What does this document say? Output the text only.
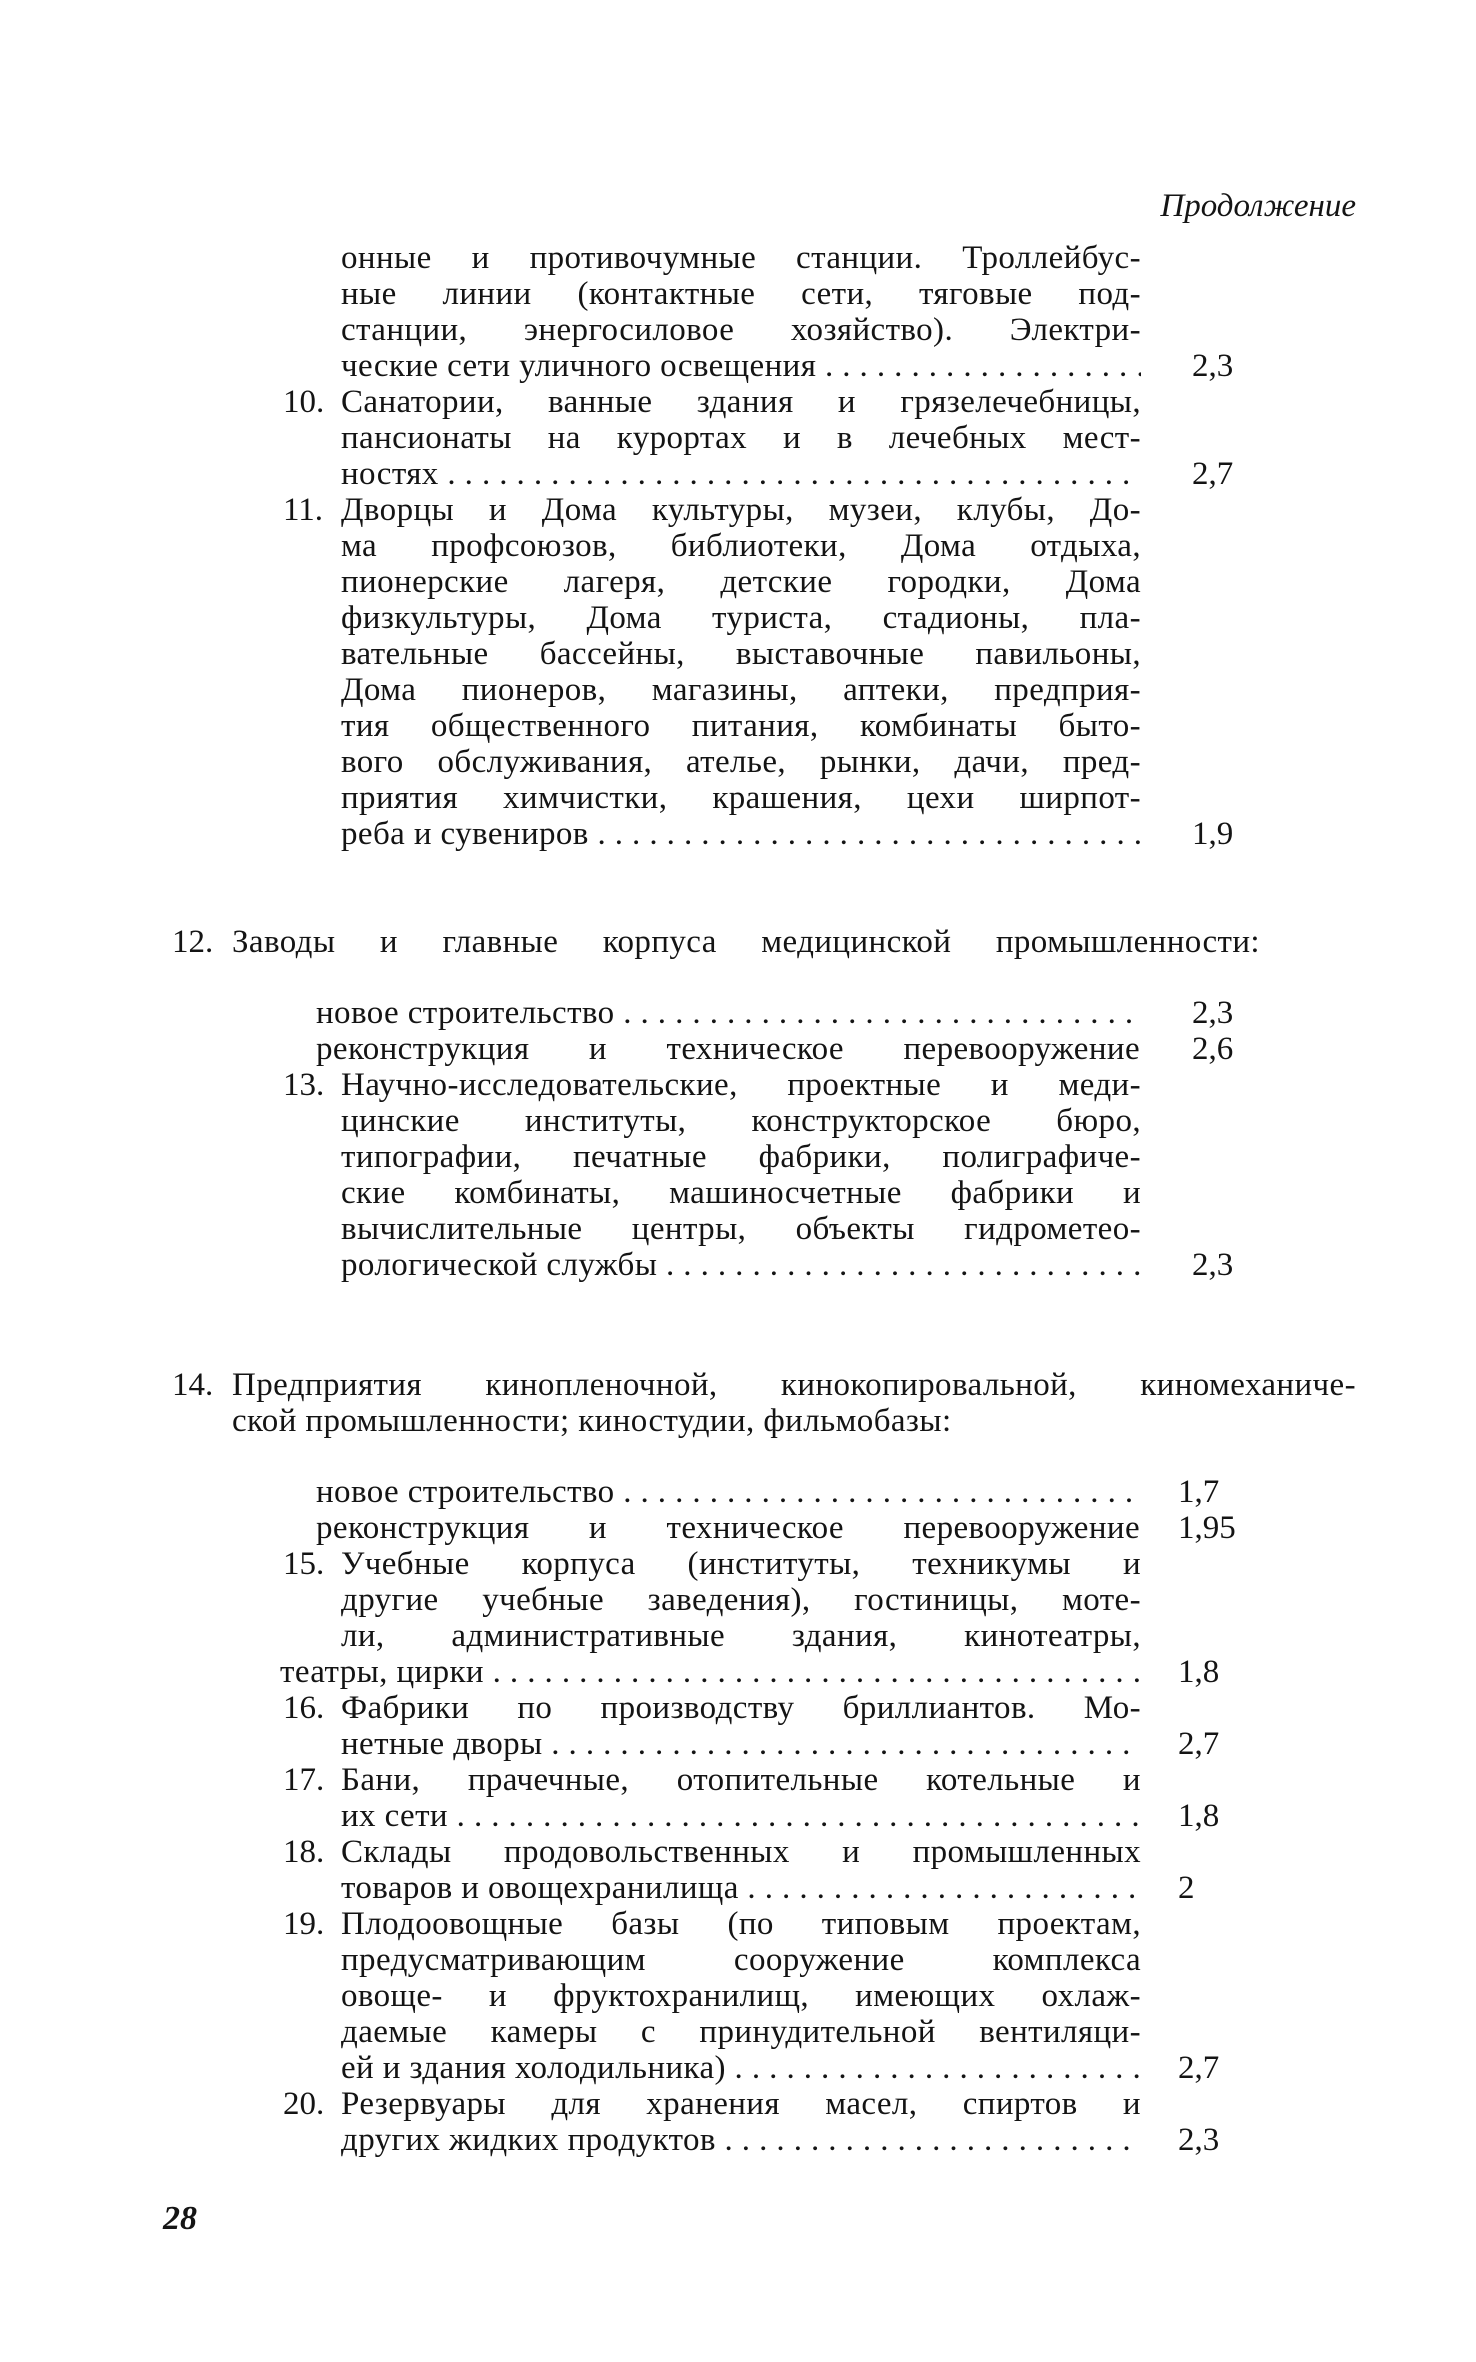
Продолжение
онные и противочумные станции. Троллейбус-
ные линии (контактные сети, тяговые под-
станции, энергосиловое хозяйство). Электри-
ческие сети уличного освещения . . .	2,3
10. Санатории, ванные здания и грязелечебницы,
пансионаты на курортах и в лечебных мест-
ностях . . .	2,7
11. Дворцы и Дома культуры, музеи, клубы, До-
ма профсоюзов, библиотеки, Дома отдыха,
пионерские лагеря, детские городки, Дома
физкультуры, Дома туриста, стадионы, пла-
вательные бассейны, выставочные павильоны,
Дома пионеров, магазины, аптеки, предприя-
тия общественного питания, комбинаты быто-
вого обслуживания, ателье, рынки, дачи, пред-
приятия химчистки, крашения, цехи ширпот-
реба и сувениров . . .	1,9
12. Заводы и главные корпуса медицинской промышленности:
новое строительство . . .	2,3
реконструкция и техническое перевооружение 2,6
13. Научно-исследовательские, проектные и меди-
цинские институты, конструкторское бюро,
типографии, печатные фабрики, полиграфиче-
ские комбинаты, машиносчетные фабрики и
вычислительные центры, объекты гидрометео-
рологической службы . . .	2,3
14. Предприятия кинопленочной, кинокопировальной, киномеханиче-
ской промышленности; киностудии, фильмобазы:
новое строительство . . .	1,7
реконструкция и техническое перевооружение 1,95
15. Учебные корпуса (институты, техникумы и
другие учебные заведения), гостиницы, моте-
ли, административные здания, кинотеатры,
театры, цирки . . .	1,8
16. Фабрики по производству бриллиантов. Мо-
нетные дворы . . .	2,7
17. Бани, прачечные, отопительные котельные и
их сети . . .	1,8
18. Склады продовольственных и промышленных
товаров и овощехранилища . . .	2
19. Плодоовощные базы (по типовым проектам,
предусматривающим сооружение комплекса
овоще- и фруктохранилищ, имеющих охлаж-
даемые камеры с принудительной вентиляци-
ей и здания холодильника) . . .	2,7
20. Резервуары для хранения масел, спиртов и
других жидких продуктов . . .	2,3
28
